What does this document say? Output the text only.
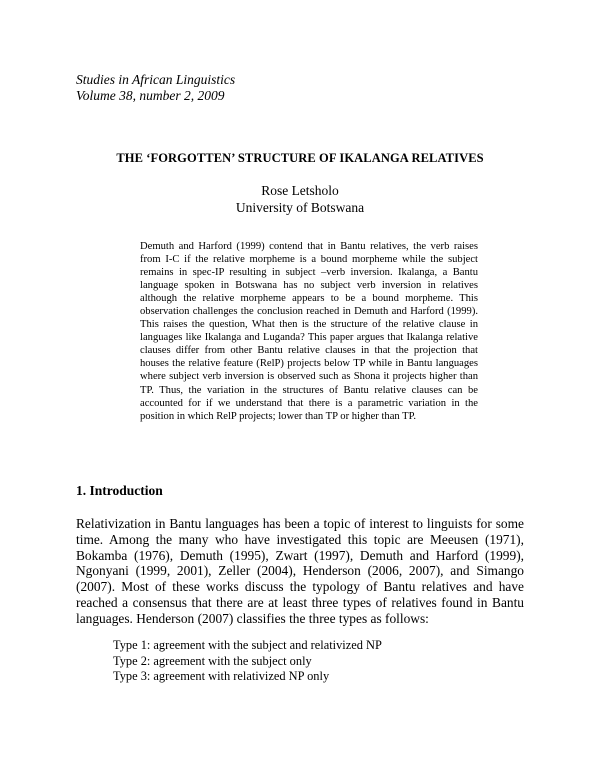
Studies in African Linguistics
Volume 38, number 2, 2009
THE ‘FORGOTTEN’ STRUCTURE OF IKALANGA RELATIVES
Rose Letsholo
University of Botswana
Demuth and Harford (1999) contend that in Bantu relatives, the verb raises from I-C if the relative morpheme is a bound morpheme while the subject remains in spec-IP resulting in subject –verb inversion. Ikalanga, a Bantu language spoken in Botswana has no subject verb inversion in relatives although the relative morpheme appears to be a bound morpheme. This observation challenges the conclusion reached in Demuth and Harford (1999). This raises the question, What then is the structure of the relative clause in languages like Ikalanga and Luganda? This paper argues that Ikalanga relative clauses differ from other Bantu relative clauses in that the projection that houses the relative feature (RelP) projects below TP while in Bantu languages where subject verb inversion is observed such as Shona it projects higher than TP. Thus, the variation in the structures of Bantu relative clauses can be accounted for if we understand that there is a parametric variation in the position in which RelP projects; lower than TP or higher than TP.
1. Introduction
Relativization in Bantu languages has been a topic of interest to linguists for some time. Among the many who have investigated this topic are Meeusen (1971), Bokamba (1976), Demuth (1995), Zwart (1997), Demuth and Harford (1999), Ngonyani (1999, 2001), Zeller (2004), Henderson (2006, 2007), and Simango (2007). Most of these works discuss the typology of Bantu relatives and have reached a consensus that there are at least three types of relatives found in Bantu languages. Henderson (2007) classifies the three types as follows:
Type 1: agreement with the subject and relativized NP
Type 2: agreement with the subject only
Type 3: agreement with relativized NP only
